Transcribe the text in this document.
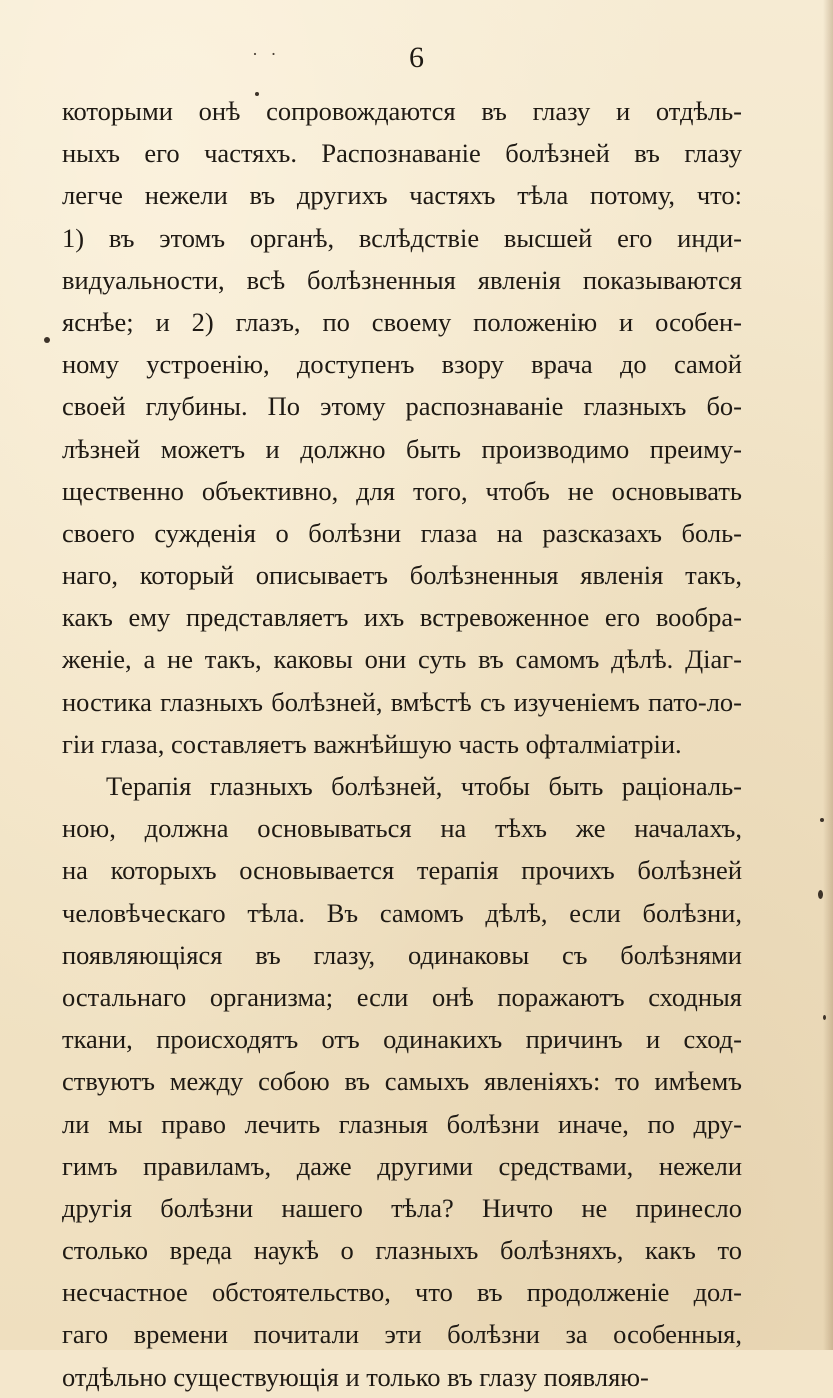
· ·	6
которыми онѣ сопровождаются въ глазу и отдѣль-
ныхъ его частяхъ. Распознаваніе болѣзней въ глазу
легче нежели въ другихъ частяхъ тѣла потому, что:
1) въ этомъ органѣ, вслѣдствіе высшей его инди-
видуальности, всѣ болѣзненныя явленія показываются
яснѣе; и 2) глазъ, по своему положенію и особен-
ному устроенію, доступенъ взору врача до самой
своей глубины. По этому распознаваніе глазныхъ бо-
лѣзней можетъ и должно быть производимо преиму-
щественно объективно, для того, чтобъ не основывать
своего сужденія о болѣзни глаза на разсказахъ боль-
наго, который описываетъ болѣзненныя явленія такъ,
какъ ему представляетъ ихъ встревоженное его вообра-
женіе, а не такъ, каковы они суть въ самомъ дѣлѣ. Діаг-
ностика глазныхъ болѣзней, вмѣстѣ съ изученіемъ пато-ло-
гіи глаза, составляетъ важнѣйшую часть офталміатріи.
Терапія глазныхъ болѣзней, чтобы быть раціональ-
ною, должна основываться на тѣхъ же началахъ,
на которыхъ основывается терапія прочихъ болѣзней
человѣческаго тѣла. Въ самомъ дѣлѣ, если болѣзни,
появляющіяся въ глазу, одинаковы съ болѣзнями
остальнаго организма; если онѣ поражаютъ сходныя
ткани, происходятъ отъ одинакихъ причинъ и сход-
ствуютъ между собою въ самыхъ явленіяхъ: то имѣемъ
ли мы право лечить глазныя болѣзни иначе, по дру-
гимъ правиламъ, даже другими средствами, нежели
другія болѣзни нашего тѣла? Ничто не принесло
столько вреда наукѣ о глазныхъ болѣзняхъ, какъ то
несчастное обстоятельство, что въ продолженіе дол-
гаго времени почитали эти болѣзни за особенныя,
отдѣльно существующія и только въ глазу появляю-
